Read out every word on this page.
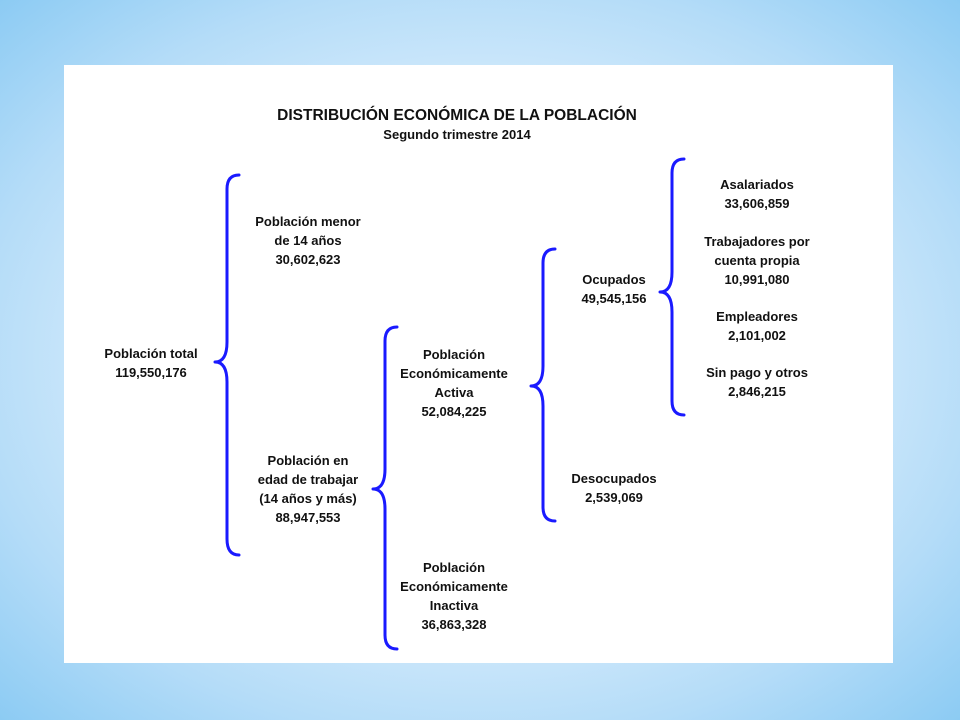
DISTRIBUCIÓN ECONÓMICA DE LA POBLACIÓN
Segundo trimestre 2014
Población total
119,550,176
Población menor
de 14 años
30,602,623
Población en
edad de trabajar
(14 años y más)
88,947,553
Población
Económicamente
Activa
52,084,225
Población
Económicamente
Inactiva
36,863,328
Ocupados
49,545,156
Desocupados
2,539,069
Asalariados
33,606,859
Trabajadores por
cuenta propia
10,991,080
Empleadores
2,101,002
Sin pago y otros
2,846,215
